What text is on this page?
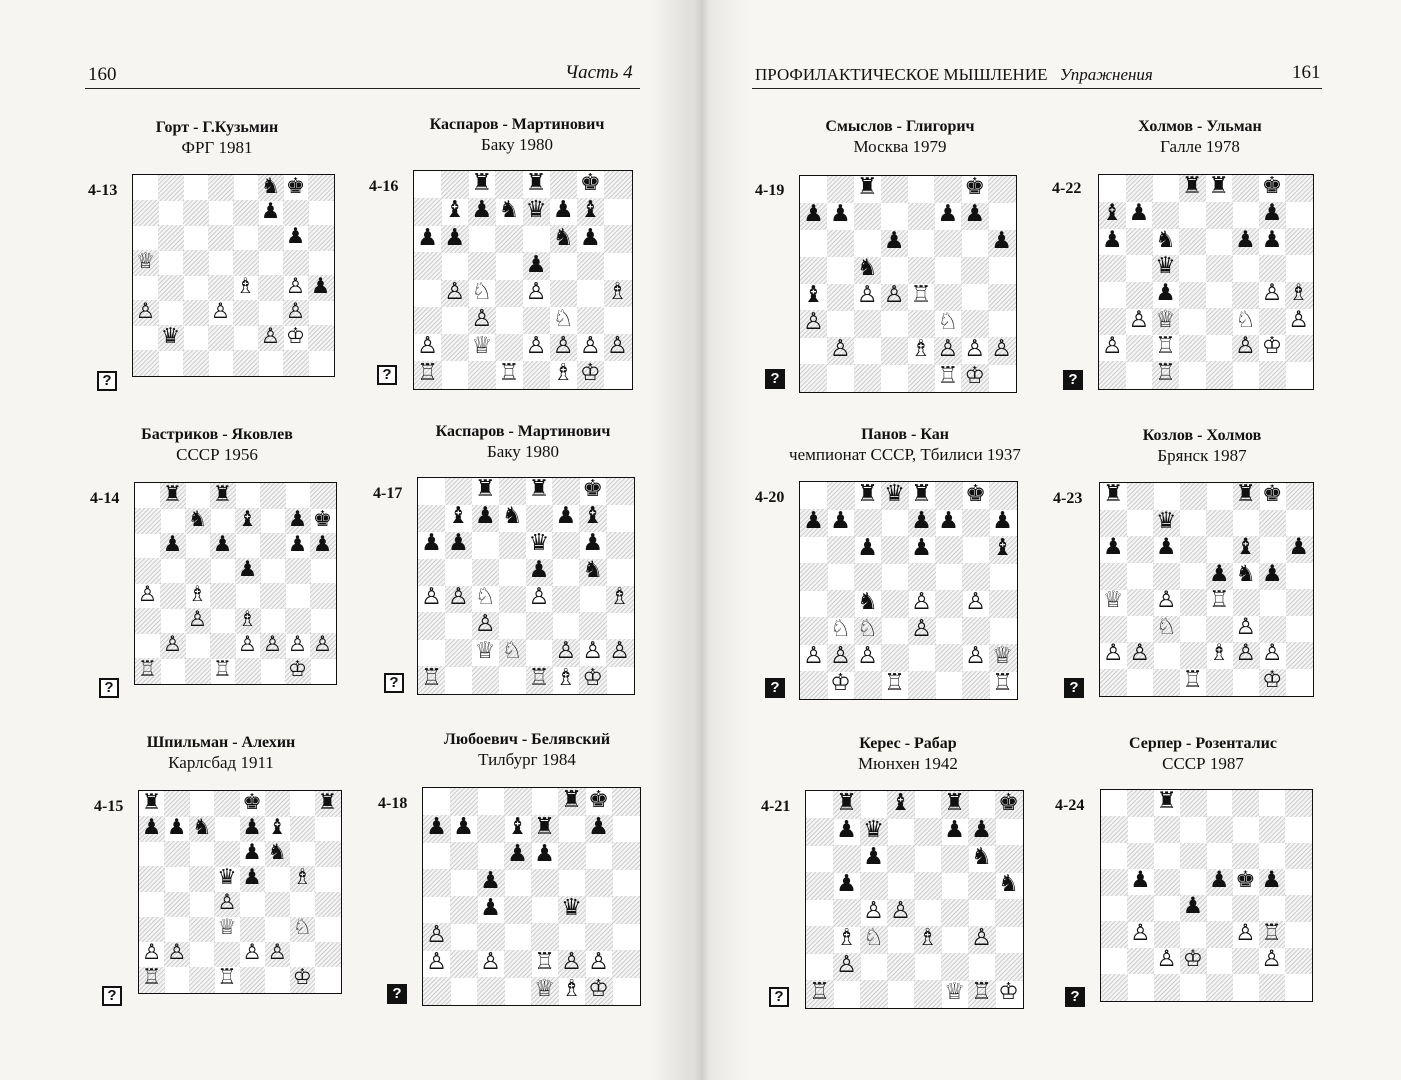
160	Часть 4	ПРОФИЛАКТИЧЕСКОЕ МЫШЛЕНИЕ Упражнения	161
Горт - Г.Кузьмин
ФРГ 1981
4-13
?
♞ ♚
♟
♟
♕
♗ ♙ ♟
♙	♙	♙
♛	♙ ♔
Каспаров - Мартинович
Баку 1980
4-16
?
♜ ♜ ♚
♝ ♟ ♞ ♛ ♟ ♝
♟ ♟	♞ ♟
♟
♙ ♘ ♙	♗
♙	♘
♙ ♕ ♙ ♙ ♙ ♙
♖	♖ ♗ ♔
Смыслов - Глигорич
Москва 1979
4-19
?
♜	♚
♟ ♟	♟ ♟
♟	♟
♞
♝ ♙ ♙ ♖
♙	♘
♙	♗ ♙ ♙ ♙
♖ ♔
Холмов - Ульман
Галле 1978
4-22
?
♜ ♜ ♚
♝ ♟	♟
♟ ♞	♟ ♟
♛
♟	♙ ♗
♙ ♕
♖
♘ ♙
♙	♙ ♔
♖
Бастриков - Яковлев
СССР 1956
4-14
?
♜ ♜
♞ ♝ ♟ ♚
♟ ♟	♟ ♟
♟
♙ ♗
♙ ♗
♙	♙ ♙ ♙ ♙
♖	♖	♔
Каспаров - Мартинович
Баку 1980
4-17
?
♜ ♜ ♚
♝ ♟ ♞ ♟ ♝
♟ ♟	♛ ♟
♟ ♞
♙ ♙ ♘ ♙	♗
♙
♕ ♘ ♙ ♙ ♙
♖	♖ ♗ ♔
Панов - Кан
чемпионат СССР, Тбилиси 1937
4-20
?
♜ ♛ ♜ ♚
♟ ♟	♟ ♟ ♟
♟ ♟	♝
♞ ♙ ♙
♘ ♘ ♙
♙ ♙ ♙	♙ ♕
♔ ♖	♖
Козлов - Холмов
Брянск 1987
4-23
?
♜	♜ ♚
♛
♟ ♟	♝ ♟
♟ ♞ ♟
♕ ♙ ♖
♘	♙
♙ ♙	♗ ♙ ♙
♖	♔
Шпильман - Алехин
Карлсбад 1911
4-15
?
♜	♚	♜
♟ ♟ ♞ ♟ ♝
♟ ♞
♛ ♟ ♗
♙
♕	♘
♙ ♙	♙ ♙
♖	♖	♔
Любоевич - Белявский
Тилбург 1984
4-18
?
♜ ♚
♟ ♟ ♝ ♜ ♟
♟ ♟
♟
♟	♛
♙
♙ ♙ ♖ ♙ ♙
♕ ♗ ♔
Керес - Рабар
Мюнхен 1942
4-21
?
♜ ♝ ♜ ♚
♟ ♛	♟ ♟
♟	♞
♟	♞
♙ ♙
♗ ♘ ♗ ♙
♙
♕
♖	♔
♖
Серпер - Розенталис
СССР 1987
4-24
?
♜
♟	♟ ♚ ♟
♟
♙	♙ ♖
♙ ♔	♙
